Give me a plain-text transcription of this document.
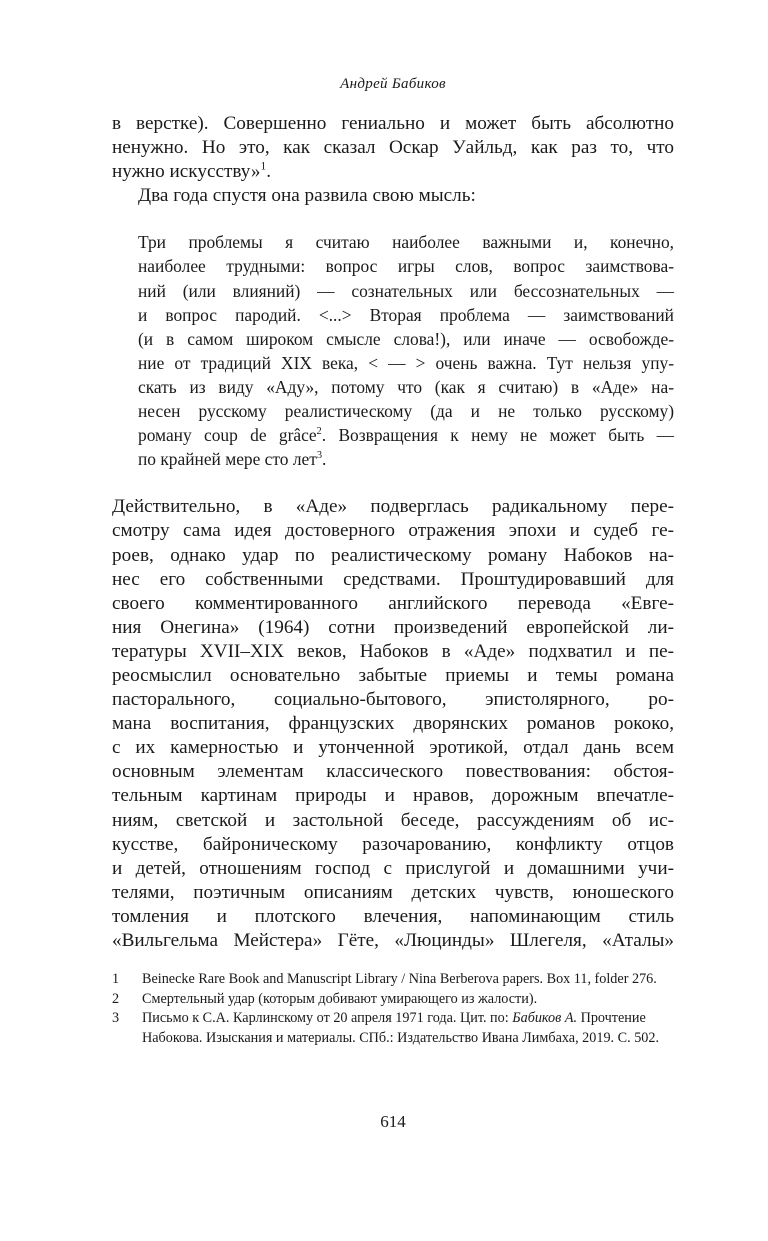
Андрей Бабиков

в верстке). Совершенно гениально и может быть абсолютно
ненужно. Но это, как сказал Оскар Уайльд, как раз то, что
нужно искусству»$^1$.

Два года спустя она развила свою мысль:

Три проблемы я считаю наиболее важными и, конечно,
наиболее трудными: вопрос игры слов, вопрос заимствова-
ний (или влияний) — сознательных или бессознательных —
и вопрос пародий. <...> Вторая проблема — заимствований
(и в самом широком смысле слова!), или иначе — освобожде-
ние от традиций XIX века, < — > очень важна. Тут нельзя упу-
скать из виду «Аду», потому что (как я считаю) в «Аде» на-
несен русскому реалистическому (да и не только русскому)
роману coup de grâce$^2$. Возвращения к нему не может быть —
по крайней мере сто лет$^3$.

Действительно, в «Аде» подверглась радикальному пере-
смотру сама идея достоверного отражения эпохи и судеб ге-
роев, однако удар по реалистическому роману Набоков на-
нес его собственными средствами. Проштудировавший для
своего комментированного английского перевода «Евге-
ния Онегина» (1964) сотни произведений европейской ли-
тературы XVII–XIX веков, Набоков в «Аде» подхватил и пе-
реосмыслил основательно забытые приемы и темы романа
пасторального, социально-бытового, эпистолярного, ро-
мана воспитания, французских дворянских романов рококо,
с их камерностью и утонченной эротикой, отдал дань всем
основным элементам классического повествования: обстоя-
тельным картинам природы и нравов, дорожным впечатле-
ниям, светской и застольной беседе, рассуждениям об ис-
кусстве, байроническому разочарованию, конфликту отцов
и детей, отношениям господ с прислугой и домашними учи-
телями, поэтичным описаниям детских чувств, юношеского
томления и плотского влечения, напоминающим стиль
«Вильгельма Мейстера» Гёте, «Люцинды» Шлегеля, «Аталы»

1 Beinecke Rare Book and Manuscript Library / Nina Berberova papers. Box 11, folder 276.

2 Смертельный удар (которым добивают умирающего из жалости).

3 Письмо к С.А. Карлинскому от 20 апреля 1971 года. Цит. по: Бабиков А. Прочтение Набокова. Изыскания и материалы. СПб.: Издательство Ивана Лимбаха, 2019. С. 502.

614
